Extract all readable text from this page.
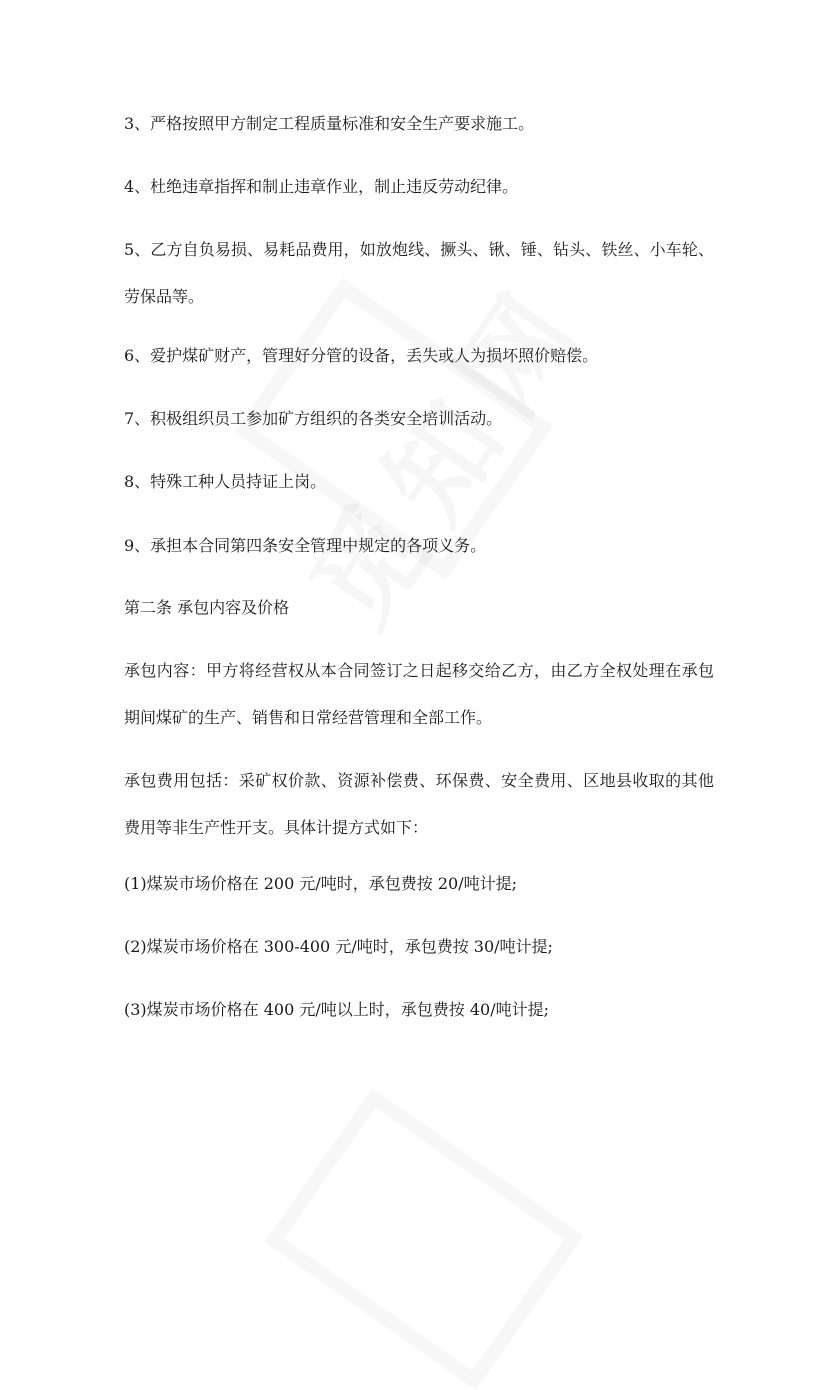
3、严格按照甲方制定工程质量标准和安全生产要求施工。

4、杜绝违章指挥和制止违章作业，制止违反劳动纪律。

5、乙方自负易损、易耗品费用，如放炮线、撅头、锹、锤、钻头、铁丝、小车轮、劳保品等。

6、爱护煤矿财产，管理好分管的设备，丢失或人为损坏照价赔偿。

7、积极组织员工参加矿方组织的各类安全培训活动。

8、特殊工种人员持证上岗。

9、承担本合同第四条安全管理中规定的各项义务。

第二条 承包内容及价格

承包内容：甲方将经营权从本合同签订之日起移交给乙方，由乙方全权处理在承包期间煤矿的生产、销售和日常经营管理和全部工作。

承包费用包括：采矿权价款、资源补偿费、环保费、安全费用、区地县收取的其他费用等非生产性开支。具体计提方式如下：

(1)煤炭市场价格在 200 元/吨时，承包费按 20/吨计提;

(2)煤炭市场价格在 300-400 元/吨时，承包费按 30/吨计提;

(3)煤炭市场价格在 400 元/吨以上时，承包费按 40/吨计提;
